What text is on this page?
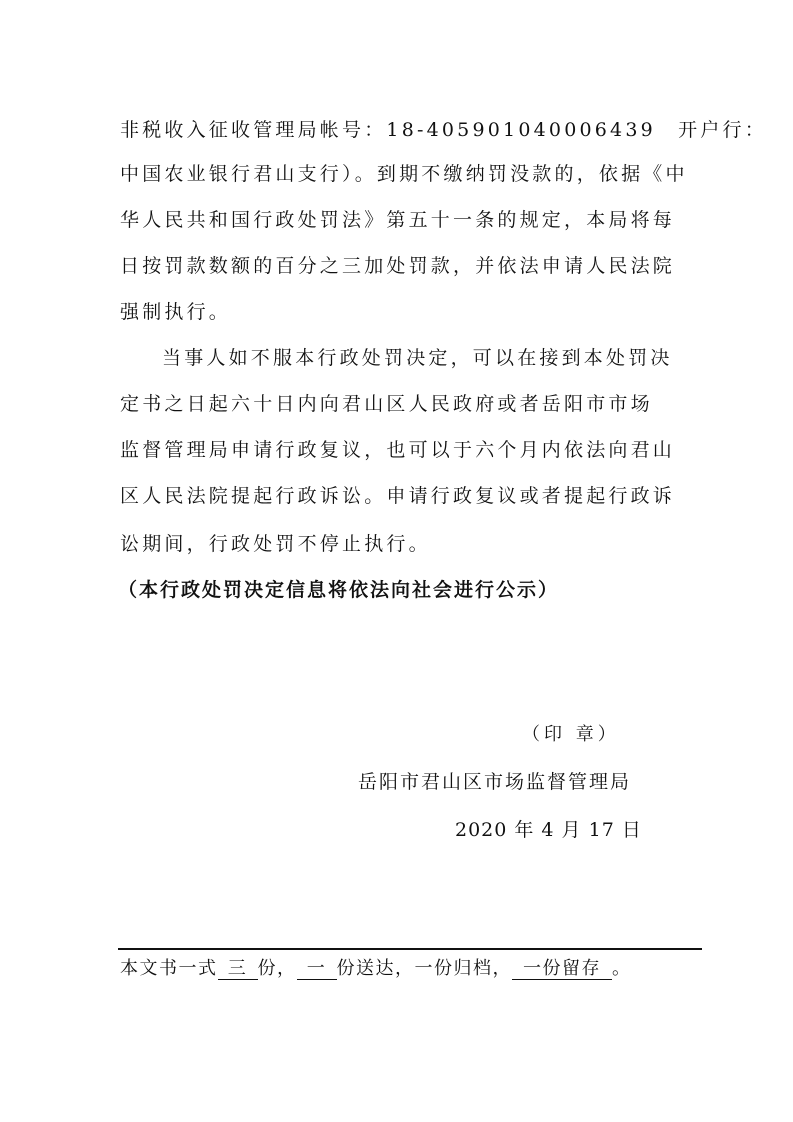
非税收入征收管理局帐号：18-405901040006439　开户行：
中国农业银行君山支行）。到期不缴纳罚没款的，依据《中
华人民共和国行政处罚法》第五十一条的规定，本局将每
日按罚款数额的百分之三加处罚款，并依法申请人民法院
强制执行。
当事人如不服本行政处罚决定，可以在接到本处罚决
定书之日起六十日内向君山区人民政府或者岳阳市市场
监督管理局申请行政复议，也可以于六个月内依法向君山
区人民法院提起行政诉讼。申请行政复议或者提起行政诉
讼期间，行政处罚不停止执行。
（本行政处罚决定信息将依法向社会进行公示）
（印 章）
岳阳市君山区市场监督管理局
2020 年 4 月 17 日
本文书一式 三 份， 一 份送达，一份归档， 一份留存 。
